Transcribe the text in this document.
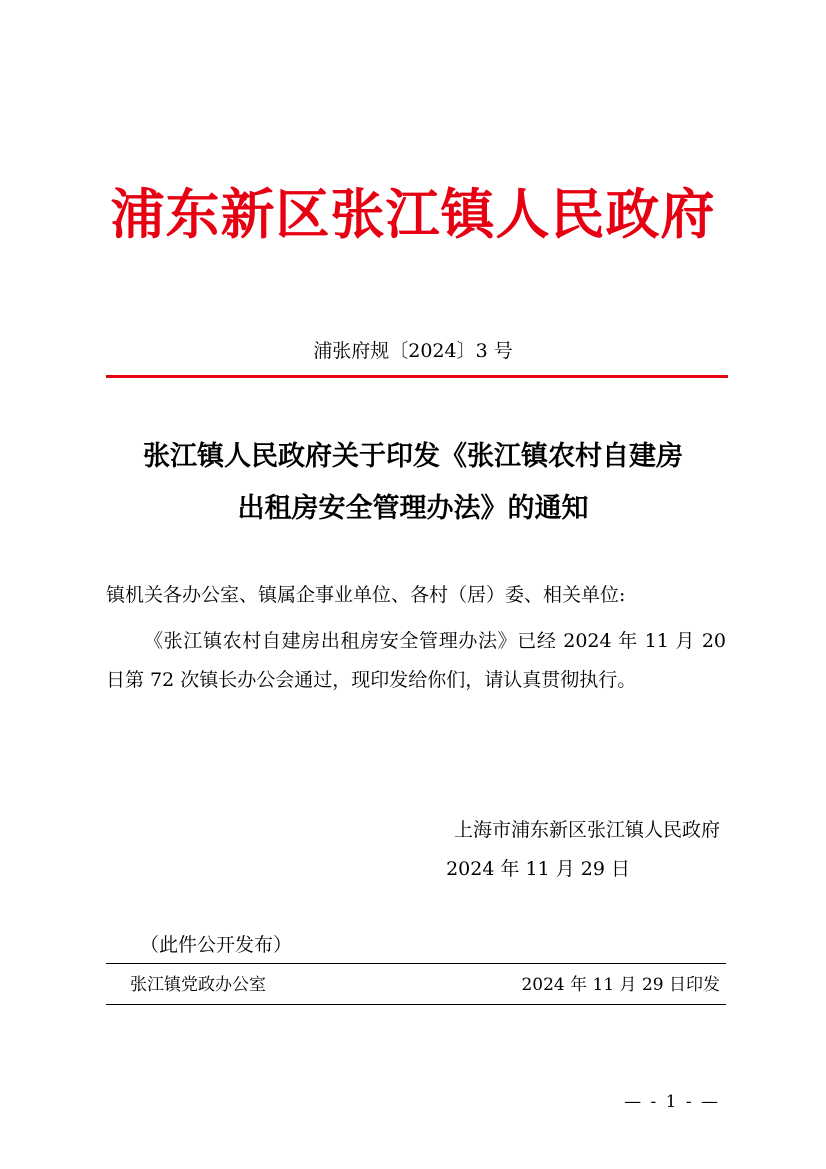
浦东新区张江镇人民政府
浦张府规〔2024〕3 号
张江镇人民政府关于印发《张江镇农村自建房
出租房安全管理办法》的通知
镇机关各办公室、镇属企事业单位、各村（居）委、相关单位:
《张江镇农村自建房出租房安全管理办法》已经 2024 年 11 月 20 日第 72 次镇长办公会通过，现印发给你们，请认真贯彻执行。
上海市浦东新区张江镇人民政府
2024 年 11 月 29 日
（此件公开发布）
张江镇党政办公室	2024 年 11 月 29 日印发
— - 1 - —
